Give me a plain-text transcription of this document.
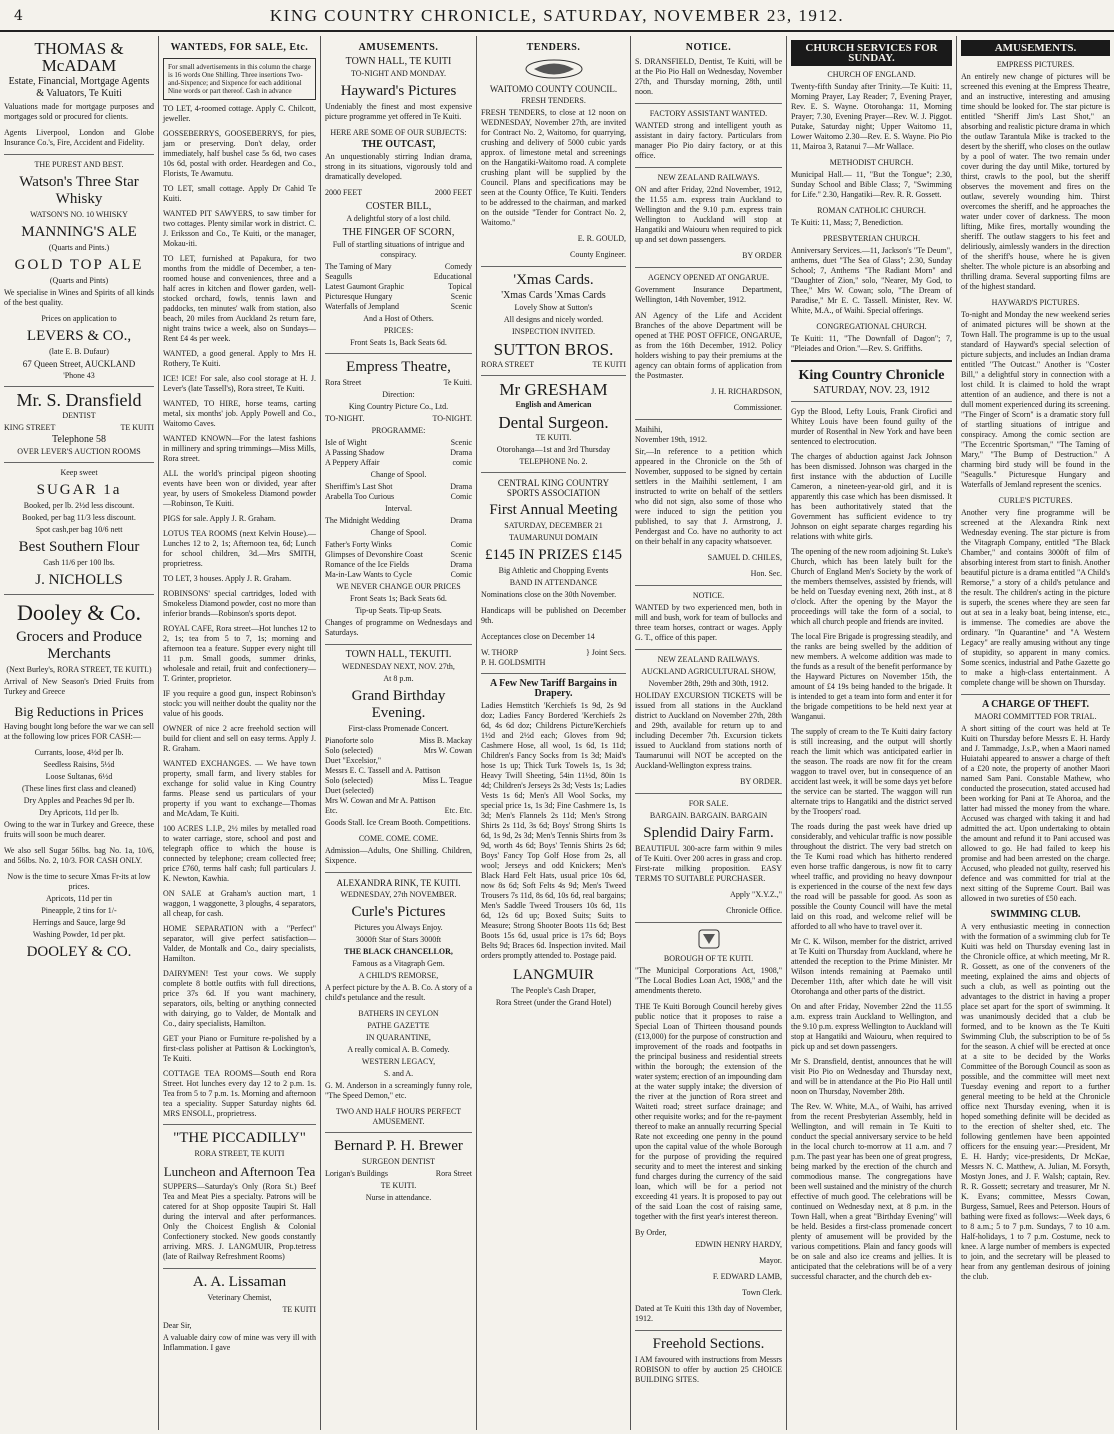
4	KING COUNTRY CHRONICLE, SATURDAY, NOVEMBER 23, 1912.
THOMAS & McADAM
Estate, Financial, Mortgage Agents & Valuators, Te Kuiti
Valuations made for mortgage purposes and mortgages sold or procured for clients.
Agents Liverpool, London and Globe Insurance Co.'s, Fire, Accident and Fidelity.
THE PUREST AND BEST.
Watson's Three Star Whisky
WATSON'S NO. 10 WHISKY
MANNING'S ALE
(Quarts and Pints.)
GOLD TOP ALE
(Quarts and Pints)
We specialise in Wines and Spirits of all kinds of the best quality.
Prices on application to
LEVERS & CO.,
(late E. B. Dufaur)
67 Queen Street, AUCKLAND
'Phone 43
Mr. S. Dransfield
DENTIST
KING STREET	TE KUITI
Telephone 58
OVER LEVER'S AUCTION ROOMS
Keep sweet
SUGAR 1a
Booked, per lb. 2½d less discount.
Booked, per bag 11/3 less discount.
Spot cash,per bag 10/6 nett
Best Southern Flour
Cash 11/6 per 100 lbs.
J. NICHOLLS
Dooley & Co.
Grocers and Produce Merchants
(Next Burley's, RORA STREET, TE KUITI.)
Arrival of New Season's Dried Fruits from Turkey and Greece
Big Reductions in Prices
Having bought long before the war we can sell at the following low prices FOR CASH:—
Currants, loose, 4½d per lb.
Seedless Raisins, 5½d
Loose Sultanas, 6½d
(These lines first class and cleaned)
Dry Apples and Peaches 9d per lb.
Dry Apricots, 11d per lb.
Owing to the war in Turkey and Greece, these fruits will soon be much dearer.
We also sell Sugar 56lbs. bag No. 1a, 10/6, and 56lbs. No. 2, 10/3. FOR CASH ONLY.
Now is the time to secure Xmas Fr-its at low prices.
Apricots, 11d per tin
Pineapple, 2 tins for 1/-
Herrings and Sauce, large 9d
Washing Powder, 1d per pkt.
DOOLEY & CO.
WANTEDS, FOR SALE, Etc.
For small advertisements in this column the charge is 16 words One Shilling. Three insertions Two-and-Sixpence; and Sixpence for each additional Nine words or part thereof. Cash in advance
TO LET, 4-roomed cottage. Apply C. Chilcott, jeweller.
GOSSEBERRYS, GOOSEBERRYS, for pies, jam or preserving. Don't delay, order immediately, half bushel case 5s 6d, two cases 10s 6d, postal with order. Heardegen and Co., Florists, Te Awamutu.
TO LET, small cottage. Apply Dr Cahid Te Kuiti.
WANTED PIT SAWYERS, to saw timber for two cottages. Plenty similar work in district. C. J. Eriksson and Co., Te Kuiti, or the manager, Mokau-iti.
TO LET, furnished at Papakura, for two months from the middle of December, a ten-roomed house and conveniences, three and a half acres in kitchen and flower garden, well-stocked orchard, fowls, tennis lawn and paddocks, ten minutes' walk from station, also beach, 20 miles from Auckland 2s return fare, night trains twice a week, also on Sundays—Rent £4 4s per week.
WANTED, a good general. Apply to Mrs H. Rothery, Te Kuiti.
ICE! ICE! For sale, also cool storage at H. J. Lever's (late Tassell's), Rora street, Te Kuiti.
WANTED, TO HIRE, horse teams, carting metal, six months' job. Apply Powell and Co., Waitomo Caves.
WANTED KNOWN—For the latest fashions in millinery and spring trimmings—Miss Mills, Rora street.
ALL the world's principal pigeon shooting events have been won or divided, year after year, by users of Smokeless Diamond powder—Robinson, Te Kuiti.
PIGS for sale. Apply J. R. Graham.
LOTUS TEA ROOMS (next Kelvin House).—Lunches 12 to 2, 1s; Afternoon tea, 6d; Lunch for school children, 3d.—Mrs SMITH, proprietress.
TO LET, 3 houses. Apply J. R. Graham.
ROBINSONS' special cartridges, loded with Smokeless Diamond powder, cost no more than inferior brands—Robinson's sports depot.
ROYAL CAFE, Rora street—Hot lunches 12 to 2, 1s; tea from 5 to 7, 1s; morning and afternoon tea a feature. Supper every night till 11 p.m. Small goods, summer drinks, wholesale and retail, fruit and confectionery—T. Grinter, proprietor.
IF you require a good gun, inspect Robinson's stock: you will neither doubt the quality nor the value of his goods.
OWNER of nice 2 acre freehold section will build for client and sell on easy terms. Apply J. R. Graham.
WANTED EXCHANGES. — We have town property, small farm, and livery stables for exchange for solid value in King Country farms. Please send us particulars of your property if you want to exchange—Thomas and McAdam, Te Kuiti.
100 ACRES L.I.P., 2½ miles by metalled road to water carriage, store, school and post and telegraph office to which the house is connected by telephone; cream collected free; price £760, terms half cash; full particulars J. K. Newton, Kawhia.
ON SALE at Graham's auction mart, 1 waggon, 1 waggonette, 3 ploughs, 4 separators, all cheap, for cash.
HOME SEPARATION with a "Perfect" separator, will give perfect satisfaction—Valder, de Montalk and Co., dairy specialists, Hamilton.
DAIRYMEN! Test your cows. We supply complete 8 bottle outfits with full directions, price 37s 6d. If you want machinery, separators, oils, belting or anything connected with dairying, go to Valder, de Montalk and Co., dairy specialists, Hamilton.
GET your Piano or Furniture re-polished by a first-class polisher at Pattison & Lockington's, Te Kuiti.
COTTAGE TEA ROOMS—South end Rora Street. Hot lunches every day 12 to 2 p.m. 1s. Tea from 5 to 7 p.m. 1s. Morning and afternoon tea a speciality. Supper Saturday nights 6d. MRS ENSOLL, proprietress.
"THE PICCADILLY"
RORA STREET, TE KUITI
Luncheon and Afternoon Tea
SUPPERS—Saturday's Only (Rora St.) Beef Tea and Meat Pies a specialty. Patrons will be catered for at Shop opposite Taupiri St. Hall during the interval and after performances. Only the Choicest English & Colonial Confectionery stocked. New goods constantly arriving. MRS. J. LANGMUIR, Prop.tetress (late of Railway Refreshment Rooms)
A. A. Lissaman
Veterinary Chemist,
TE KUITI
Dear Sir,
A valuable dairy cow of mine was very ill with Inflammation. I gave
AMUSEMENTS.
TOWN HALL, TE KUITI
TO-NIGHT AND MONDAY.
Hayward's Pictures
Undeniably the finest and most expensive picture programme yet offered in Te Kuiti.
HERE ARE SOME OF OUR SUBJECTS:
THE OUTCAST,
An unquestionably stirring Indian drama, strong in its situations, vigorously told and dramatically developed.
2000 FEET	2000 FEET
COSTER BILL,
A delightful story of a lost child.
THE FINGER OF SCORN,
Full of startling situations of intrigue and conspiracy.
The Taming of Mary	Comedy
Seagulls	Educational
Latest Gaumont Graphic	Topical
Picturesque Hungary	Scenic
Waterfalls of Jempland	Scenic
And a Host of Others.
PRICES:
Front Seats 1s, Back Seats 6d.
Empress Theatre,
Rora Street	Te Kuiti.
Direction:
King Country Picture Co., Ltd.
TO-NIGHT.	TO-NIGHT.
PROGRAMME:
Isle of Wight	Scenic
A Passing Shadow	Drama
A Peppery Affair	comic
Change of Spool.
Sheriffim's Last Shot	Drama
Arabella Too Curious	Comic
Interval.
The Midnight Wedding	Drama
Change of Spool.
Father's Forty Winks	Comic
Glimpses of Devonshire Coast	Scenic
Romance of the Ice Fields	Drama
Ma-in-Law Wants to Cycle	Comic
WE NEVER CHANGE OUR PRICES
Front Seats 1s; Back Seats 6d.
Tip-up Seats. Tip-up Seats.
Changes of programme on Wednesdays and Saturdays.
TOWN HALL, TEKUITI.
WEDNESDAY NEXT, NOV. 27th,
At 8 p.m.
Grand Birthday Evening.
First-class Promenade Concert.
Pianoforte solo	Miss B. Mackay
Solo (selected)	Mrs W. Cowan
Duet "Excelsior,"
Messrs E. C. Tassell and A. Pattison
Solo (selected)	Miss L. Teague
Duet (selected)
Mrs W. Cowan and Mr A. Pattison
Etc.	Etc. Etc.
Goods Stall. Ice Cream Booth. Competitions.
COME. COME. COME.
Admission—Adults, One Shilling. Children, Sixpence.
ALEXANDRA RINK, TE KUITI.
WEDNESDAY, 27th NOVEMBER.
Curle's Pictures
Pictures you Always Enjoy.
3000ft Star of Stars 3000ft
THE BLACK CHANCELLOR,
Famous as a Vitagraph Gem.
A CHILD'S REMORSE,
A perfect picture by the A. B. Co. A story of a child's petulance and the result.
BATHERS IN CEYLON
PATHE GAZETTE
IN QUARANTINE,
A really comical A. B. Comedy.
WESTERN LEGACY,
S. and A.
G. M. Anderson in a screamingly funny role, "The Speed Demon," etc.
TWO AND HALF HOURS PERFECT AMUSEMENT.
Bernard P. H. Brewer
SURGEON DENTIST
Lorigan's Buildings	Rora Street
TE KUITI.
Nurse in attendance.
TENDERS.
WAITOMO COUNTY COUNCIL.
FRESH TENDERS.
FRESH TENDERS, to close at 12 noon on WEDNESDAY, November 27th, are invited for Contract No. 2, Waitomo, for quarrying, crushing and delivery of 5000 cubic yards approx. of limestone metal and screenings on the Hangatiki-Waitomo road. A complete crushing plant will be supplied by the Council. Plans and specifications may be seen at the County Office, Te Kuiti. Tenders to be addressed to the chairman, and marked on the outside "Tender for Contract No. 2, Waitomo."
E. R. GOULD,
County Engineer.
'Xmas Cards.
'Xmas Cards 'Xmas Cards
Lovely Show at Sutton's
All designs and nicely worded.
INSPECTION INVITED.
SUTTON BROS.
RORA STREET	TE KUITI
Mr GRESHAM
English and American
Dental Surgeon.
TE KUITI.
Otorohanga—1st and 3rd Thursday
TELEPHONE No. 2.
CENTRAL KING COUNTRY SPORTS ASSOCIATION
First Annual Meeting
SATURDAY, DECEMBER 21
TAUMARUNUI DOMAIN
£145 IN PRIZES £145
Big Athletic and Chopping Events
BAND IN ATTENDANCE
Nominations close on the 30th November.
Handicaps will be published on December 9th.
Acceptances close on December 14
W. THORP
P. H. GOLDSMITH
} Joint Secs.
A Few New Tariff Bargains in Drapery.
Ladies Hemstitch 'Kerchiefs 1s 9d, 2s 9d doz; Ladies Fancy Bordered 'Kerchiefs 2s 6d, 4s 6d doz; Childrens Picture'Kerchiefs 1½d and 2½d each; Gloves from 9d; Cashmere Hose, all wool, 1s 6d, 1s 11d; Children's Fancy Socks from 1s 3d; Maid's hose 1s up; Thick Turk Towels 1s, 1s 3d; Heavy Twill Sheeting, 54in 11½d, 80in 1s 4d; Children's Jerseys 2s 3d; Vests 1s; Ladies Vests 1s 6d; Men's All Wool Socks, my special price 1s, 1s 3d; Fine Cashmere 1s, 1s 3d; Men's Flannels 2s 11d; Men's Strong Shirts 2s 11d, 3s 6d; Boys' Strong Shirts 1s 6d, 1s 9d, 2s 3d; Men's Tennis Shirts from 3s 9d, worth 4s 6d; Boys' Tennis Shirts 2s 6d; Boys' Fancy Top Golf Hose from 2s, all wool; Jerseys and odd Knickers; Men's Black Hard Felt Hats, usual price 10s 6d, now 8s 6d; Soft Felts 4s 9d; Men's Tweed Trousers 7s 11d, 8s 6d, 10s 6d, real bargains; Men's Saddle Tweed Trousers 10s 6d, 11s 6d, 12s 6d up; Boxed Suits; Suits to Measure; Strong Shooter Boots 11s 6d; Best Boots 15s 6d, usual price is 17s 6d; Boys Belts 9d; Braces 6d. Inspection invited. Mail orders promptly attended to. Postage paid.
LANGMUIR
The People's Cash Draper,
Rora Street (under the Grand Hotel)
NOTICE.
S. DRANSFIELD, Dentist, Te Kuiti, will be at the Pio Pio Hall on Wednesday, November 27th, and Thursday morning, 28th, until noon.
FACTORY ASSISTANT WANTED.
WANTED strong and intelligent youth as assistant in dairy factory. Particulars from manager Pio Pio dairy factory, or at this office.
NEW ZEALAND RAILWAYS.
ON and after Friday, 22nd November, 1912, the 11.55 a.m. express train Auckland to Wellington and the 9.10 p.m. express train Wellington to Auckland will stop at Hangatiki and Waiouru when required to pick up and set down passengers.
BY ORDER
AGENCY OPENED AT ONGARUE.
Government Insurance Department, Wellington, 14th November, 1912.
AN Agency of the Life and Accident Branches of the above Department will be opened at THE POST OFFICE, ONGARUE, as from the 16th December, 1912. Policy holders wishing to pay their premiums at the agency can obtain forms of application from the Postmaster.
J. H. RICHARDSON,
Commissioner.
Maihihi,
November 19th, 1912.
Sir,—In reference to a petition which appeared in the Chronicle on the 5th of November, supposed to be signed by certain settlers in the Maihihi settlement, I am instructed to write on behalf of the settlers who did not sign, also some of those who were induced to sign the petition you published, to say that J. Armstrong, J. Pendergast and Co. have no authority to act on their behalf in any capacity whatsoever.
SAMUEL D. CHILES,
Hon. Sec.
NOTICE.
WANTED by two experienced men, both in mill and bush, work for team of bullocks and three team horses, contract or wages. Apply G. T., office of this paper.
NEW ZEALAND RAILWAYS.
AUCKLAND AGRICULTURAL SHOW,
November 28th, 29th and 30th, 1912.
HOLIDAY EXCURSION TICKETS will be issued from all stations in the Auckland district to Auckland on November 27th, 28th and 29th, available for return up to and including December 7th. Excursion tickets issued to Auckland from stations north of Taumarunui will NOT be accepted on the Auckland-Wellington express trains.
BY ORDER.
FOR SALE.
BARGAIN. BARGAIN. BARGAIN
Splendid Dairy Farm.
BEAUTIFUL 300-acre farm within 9 miles of Te Kuiti. Over 200 acres in grass and crop. First-rate milking proposition. EASY TERMS TO SUITABLE PURCHASER.
Apply "X.Y.Z.,"
Chronicle Office.
BOROUGH OF TE KUITI.
"The Municipal Corporations Act, 1908," "The Local Bodies Loan Act, 1908," and the amendments thereto.
THE Te Kuiti Borough Council hereby gives public notice that it proposes to raise a Special Loan of Thirteen thousand pounds (£13,000) for the purpose of construction and improvement of the roads and footpaths in the principal business and residential streets within the borough; the extension of the water system; erection of an impounding dam at the water supply intake; the diversion of the river at the junction of Rora street and Waiteti road; street surface drainage; and other requisite works; and for the re-payment thereof to make an annually recurring Special Rate not exceeding one penny in the pound upon the capital value of the whole Borough for the purpose of providing the required security and to meet the interest and sinking fund charges during the currency of the said loan, which will be for a period not exceeding 41 years. It is proposed to pay out of the said Loan the cost of raising same, together with the first year's interest thereon.
By Order,
EDWIN HENRY HARDY,
Mayor.
F. EDWARD LAMB,
Town Clerk.
Dated at Te Kuiti this 13th day of November, 1912.
Freehold Sections.
I AM favoured with instructions from Messrs ROBISON to offer by auction 25 CHOICE BUILDING SITES.
CHURCH SERVICES FOR SUNDAY.
CHURCH OF ENGLAND.
Twenty-fifth Sunday after Trinity.—Te Kuiti: 11, Morning Prayer, Lay Reader; 7, Evening Prayer, Rev. E. S. Wayne. Otorohanga: 11, Morning Prayer; 7.30, Evening Prayer—Rev. W. J. Piggot. Putake, Saturday night; Upper Waitomo 11, Lower Waitomo 2.30—Rev. E. S. Wayne. Pio Pio 11, Mairoa 3, Ratanui 7—Mr Wallace.
METHODIST CHURCH.
Municipal Hall.— 11, "But the Tongue"; 2.30, Sunday School and Bible Class; 7, "Swimming for Life." 2.30, Hangatiki—Rev. R. R. Gossett.
ROMAN CATHOLIC CHURCH.
Te Kuiti: 11, Mass; 7, Benediction.
PRESBYTERIAN CHURCH.
Anniversary Services.—11, Jackson's "Te Deum", anthems, duet "The Sea of Glass"; 2.30, Sunday School; 7, Anthems "The Radiant Morn" and "Daughter of Zion," solo, "Nearer, My God, to Thee," Mrs W. Cowan; solo, "The Dream of Paradise," Mr E. C. Tassell. Minister, Rev. W. White, M.A., of Waihi. Special offerings.
CONGREGATIONAL CHURCH.
Te Kuiti: 11, "The Downfall of Dagon"; 7, "Pleiades and Orion."—Rev. S. Griffiths.
King Country Chronicle
SATURDAY, NOV. 23, 1912
Gyp the Blood, Lefty Louis, Frank Cirofici and Whitey Louis have been found guilty of the murder of Rosenthal in New York and have been sentenced to electrocution.
The charges of abduction against Jack Johnson has been dismissed. Johnson was charged in the first instance with the abduction of Lucille Cameron, a nineteen-year-old girl, and it is apparently this case which has been dismissed. It has been authoritatively stated that the Government has sufficient evidence to try Johnson on eight separate charges regarding his relations with white girls.
The opening of the new room adjoining St. Luke's Church, which has been lately built for the Church of England Men's Society by the work of the members themselves, assisted by friends, will be held on Tuesday evening next, 26th inst., at 8 o'clock. After the opening by the Mayor the proceedings will take the form of a social, to which all church people and friends are invited.
The local Fire Brigade is progressing steadily, and the ranks are being swelled by the addition of new members. A welcome addition was made to the funds as a result of the benefit performance by the Hayward Pictures on November 15th, the amount of £4 19s being handed to the brigade. It is intended to get a team into form and enter it for the brigade competitions to be held next year at Wanganui.
The supply of cream to the Te Kuiti dairy factory is still increasing, and the output will shortly reach the limit which was anticipated earlier in the season. The roads are now fit for the cream waggon to travel over, but in consequence of an accident last week, it will be some days yet before the service can be started. The waggon will run alternate trips to Hangatiki and the district served by the Troopers' road.
The roads during the past week have dried up considerably, and vehicular traffic is now possible throughout the district. The very bad stretch on the Te Kumi road which has hitherto rendered even horse traffic dangerous, is now fit to carry wheel traffic, and providing no heavy downpour is experienced in the course of the next few days the road will be passable for good. As soon as possible the County Council will have the metal laid on this road, and welcome relief will be afforded to all who have to travel over it.
Mr C. K. Wilson, member for the district, arrived at Te Kuiti on Thursday from Auckland, where he attended the reception to the Prime Minister. Mr Wilson intends remaining at Paemako until December 11th, after which date he will visit Otorohanga and other parts of the district.
On and after Friday, November 22nd the 11.55 a.m. express train Auckland to Wellington, and the 9.10 p.m. express Wellington to Auckland will stop at Hangatiki and Waiouru, when required to pick up and set down passengers.
Mr S. Dransfield, dentist, announces that he will visit Pio Pio on Wednesday and Thursday next, and will be in attendance at the Pio Pio Hall until noon on Thursday, November 28th.
The Rev. W. White, M.A., of Waihi, has arrived from the recent Presbyterian Assembly, held in Wellington, and will remain in Te Kuiti to conduct the special anniversary service to be held in the local church to-morrow at 11 a.m. and 7 p.m. The past year has been one of great progress, being marked by the erection of the church and commodious manse. The congregations have been well sustained and the ministry of the church effective of much good. The celebrations will be continued on Wednesday next, at 8 p.m. in the Town Hall, when a great "Birthday Evening" will be held. Besides a first-class promenade concert plenty of amusement will be provided by the various competitions. Plain and fancy goods will be on sale and also ice creams and jellies. It is anticipated that the celebrations will be of a very successful character, and the church deb ex-
AMUSEMENTS.
EMPRESS PICTURES.
An entirely new change of pictures will be screened this evening at the Empress Theatre, and an instructive, interesting and amusing time should be looked for. The star picture is entitled "Sheriff Jim's Last Shot," an absorbing and realistic picture drama in which the outlaw Tarantula Mike is tracked to the desert by the sheriff, who closes on the outlaw by a pool of water. The two remain under cover during the day until Mike, tortured by thirst, crawls to the pool, but the sheriff observes the movement and fires on the outlaw, severely wounding him. Thirst overcomes the sheriff, and he approaches the water under cover of darkness. The moon lifting, Mike fires, mortally wounding the sheriff. The outlaw staggers to his feet and deliriously, aimlessly wanders in the direction of the sheriff's house, where he is given shelter. The whole picture is an absorbing and thrilling drama. Several supporting films are of the highest standard.
HAYWARD'S PICTURES.
To-night and Monday the new weekend series of animated pictures will be shown at the Town Hall. The programme is up to the usual standard of Hayward's special selection of picture subjects, and includes an Indian drama entitled "The Outcast." Another is "Coster Bill," a delightful story in connection with a lost child. It is claimed to hold the wrapt attention of an audience, and there is not a dull moment experienced during its screening. "The Finger of Scorn" is a dramatic story full of startling situations of intrigue and conspiracy. Among the comic section are "The Eccentric Sportsman," "The Taming of Mary," "The Bump of Destruction." A charming bird study will be found in the "Seagulls." Picturesque Hungary and Waterfalls of Jemland represent the scenics.
CURLE'S PICTURES.
Another very fine programme will be screened at the Alexandra Rink next Wednesday evening. The star picture is from the Vitagraph Company, entitled "The Black Chamber," and contains 3000ft of film of absorbing interest from start to finish. Another beautiful picture is a drama entitled "A Child's Remorse," a story of a child's petulance and the result. The children's acting in the picture is superb, the scenes where they are seen far out at sea in a leaky boat, being intense, etc., is immense. The comedies are above the ordinary. "In Quarantine" and "A Western Legacy" are really amusing without any tinge of stupidity, so apparent in many comics. Some scenics, industrial and Pathe Gazette go to make a high-class entertainment. A complete change will be shown on Thursday.
A CHARGE OF THEFT.
MAORI COMMITTED FOR TRIAL.
A short sitting of the court was held at Te Kuiti on Thursday before Messrs E. H. Hardy and J. Tammadge, J.s.P., when a Maori named Huiatahi appeared to answer a charge of theft of a £20 note, the property of another Maori named Sam Pani. Constable Mathew, who conducted the prosecution, stated accused had been working for Pani at Te Ahoroa, and the latter had missed the money from the whare. Accused was charged with taking it and had admitted the act. Upon undertaking to obtain the amount and refund it to Pani accused was allowed to go. He had failed to keep his promise and had been arrested on the charge. Accused, who pleaded not guilty, reserved his defence and was committed for trial at the next sitting of the Supreme Court. Bail was allowed in two sureties of £50 each.
SWIMMING CLUB.
A very enthusiastic meeting in connection with the formation of a swimming club for Te Kuiti was held on Thursday evening last in the Chronicle office, at which meeting, Mr R. R. Gossett, as one of the conveners of the meeting, explained the aims and objects of such a club, as well as pointing out the advantages to the district in having a proper place set apart for the sport of swimming. It was unanimously decided that a club be formed, and to be known as the Te Kuiti Swimming Club, the subscription to be of 5s for the season. A chief will be erected at once at a site to be decided by the Works Committee of the Borough Council as soon as possible, and the committee will meet next Tuesday evening and report to a further general meeting to be held at the Chronicle office next Thursday evening, when it is hoped something definite will be decided as to the erection of shelter shed, etc. The following gentlemen have been appointed officers for the ensuing year:—President, Mr E. H. Hardy; vice-presidents, Dr McKae, Messrs N. C. Matthew, A. Julian, M. Forsyth, Mostyn Jones, and J. F. Walsh; captain, Rev. R. R. Gossett; secretary and treasurer, Mr N. K. Evans; committee, Messrs Cowan, Burgess, Samuel, Rees and Peterson. Hours of bathing were fixed as follows:—Week days, 6 to 8 a.m.; 5 to 7 p.m. Sundays, 7 to 10 a.m. Half-holidays, 1 to 7 p.m. Costume, neck to knee. A large number of members is expected to join, and the secretary will be pleased to hear from any gentleman desirous of joining the club.
